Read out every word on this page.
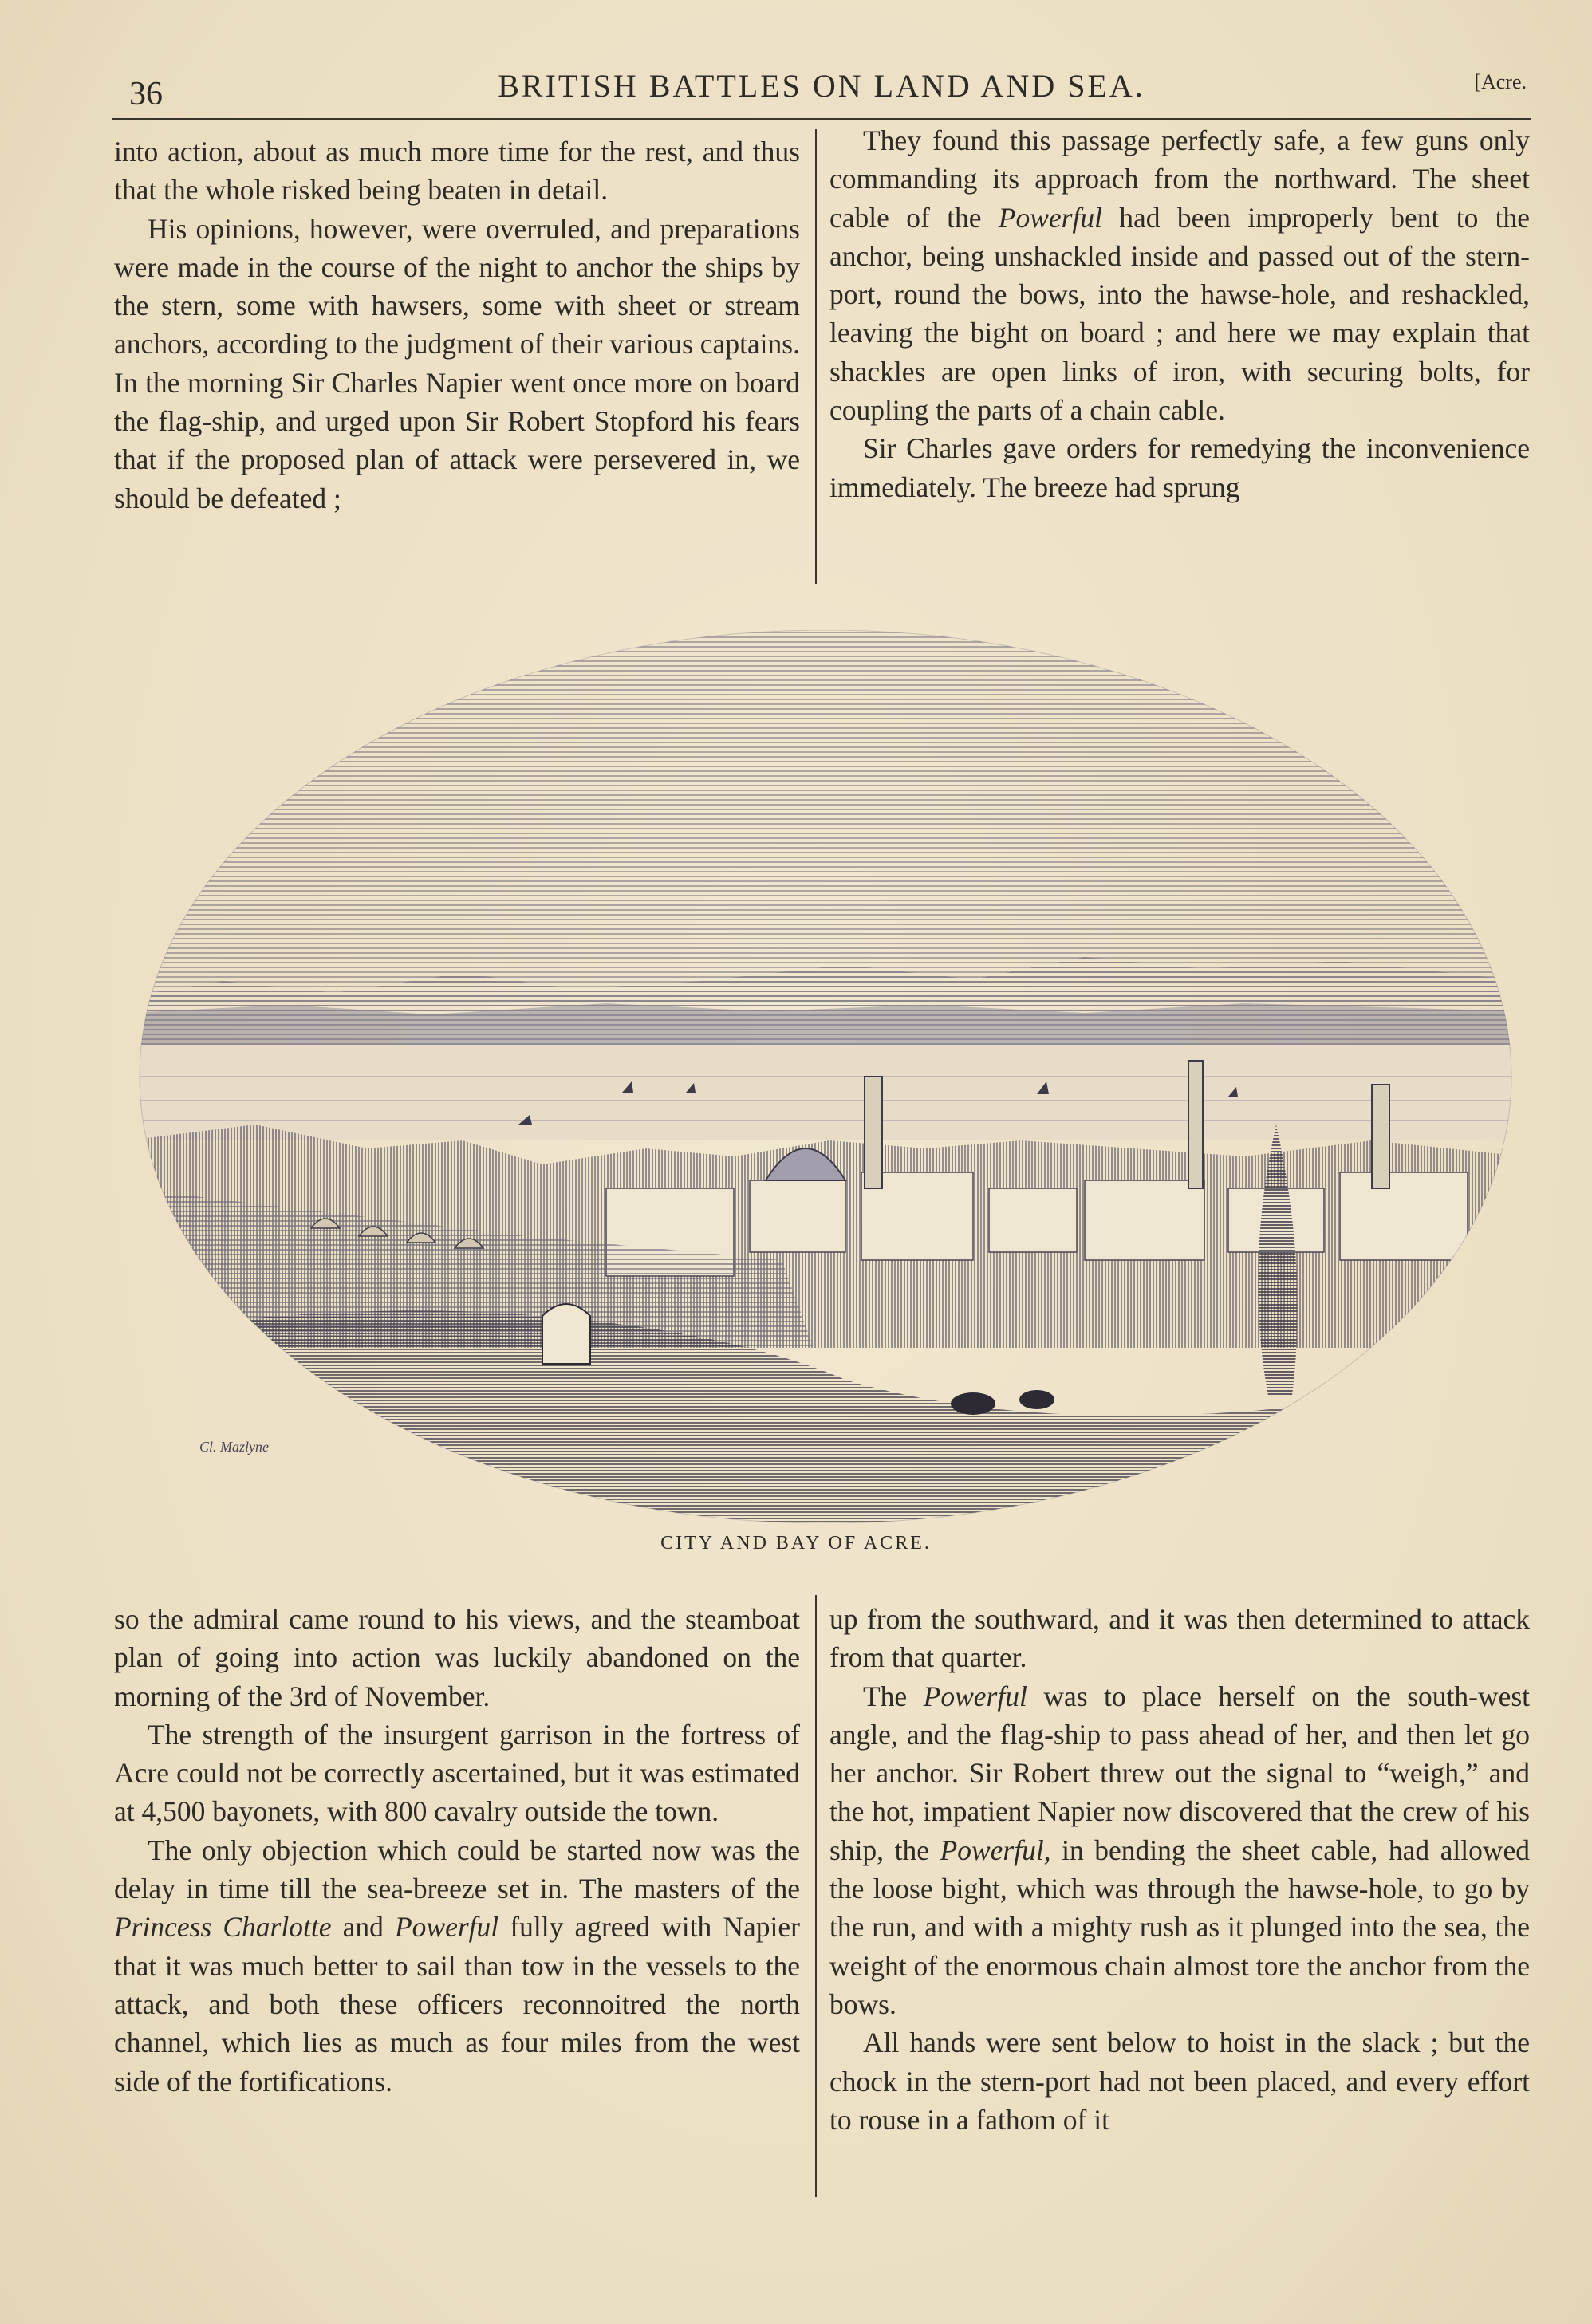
36	BRITISH BATTLES ON LAND AND SEA.	[Acre.

into action, about as much more time for the rest, and thus that the whole risked being beaten in detail.

His opinions, however, were overruled, and preparations were made in the course of the night to anchor the ships by the stern, some with hawsers, some with sheet or stream anchors, according to the judgment of their various captains. In the morning Sir Charles Napier went once more on board the flag-ship, and urged upon Sir Robert Stopford his fears that if the proposed plan of attack were persevered in, we should be defeated ;

They found this passage perfectly safe, a few guns only commanding its approach from the northward. The sheet cable of the Powerful had been improperly bent to the anchor, being unshackled inside and passed out of the stern-port, round the bows, into the hawse-hole, and reshackled, leaving the bight on board ; and here we may explain that shackles are open links of iron, with securing bolts, for coupling the parts of a chain cable.

Sir Charles gave orders for remedying the inconvenience immediately. The breeze had sprung

Cl. Mazlyne
CITY AND BAY OF ACRE.

so the admiral came round to his views, and the steamboat plan of going into action was luckily abandoned on the morning of the 3rd of November.

The strength of the insurgent garrison in the fortress of Acre could not be correctly ascertained, but it was estimated at 4,500 bayonets, with 800 cavalry outside the town.

The only objection which could be started now was the delay in time till the sea-breeze set in. The masters of the Princess Charlotte and Powerful fully agreed with Napier that it was much better to sail than tow in the vessels to the attack, and both these officers reconnoitred the north channel, which lies as much as four miles from the west side of the fortifications.

up from the southward, and it was then determined to attack from that quarter.

The Powerful was to place herself on the south-west angle, and the flag-ship to pass ahead of her, and then let go her anchor. Sir Robert threw out the signal to “weigh,” and the hot, impatient Napier now discovered that the crew of his ship, the Powerful, in bending the sheet cable, had allowed the loose bight, which was through the hawse-hole, to go by the run, and with a mighty rush as it plunged into the sea, the weight of the enormous chain almost tore the anchor from the bows.

All hands were sent below to hoist in the slack ; but the chock in the stern-port had not been placed, and every effort to rouse in a fathom of it
